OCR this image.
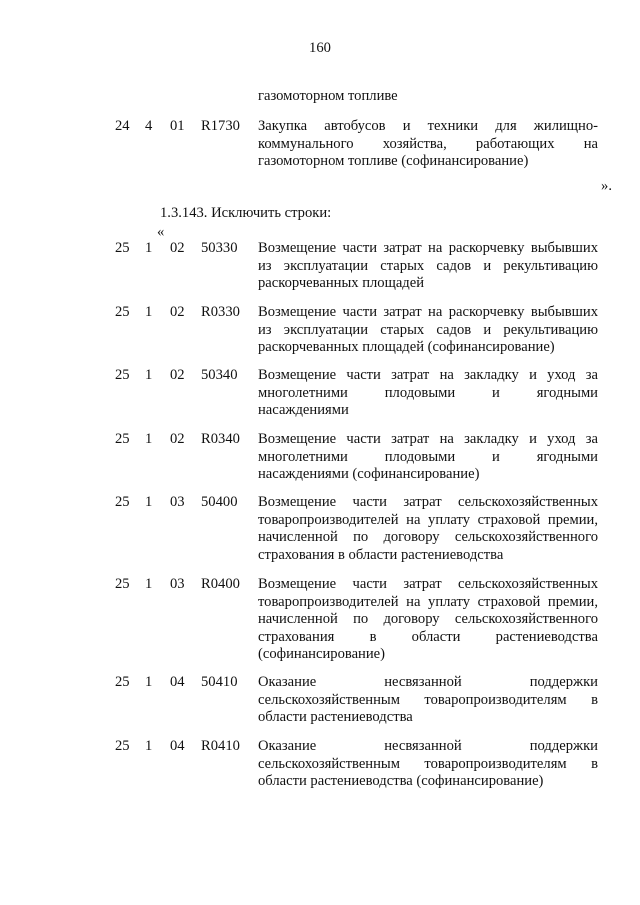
160
газомоторном топливе
24	4	01	R1730	Закупка автобусов и техники для жилищно-
коммунального хозяйства, работающих на
газомоторном топливе (софинансирование)
».
1.3.143. Исключить строки:
«
25	1	02	50330	Возмещение части затрат на раскорчевку выбывших
из эксплуатации старых садов и рекультивацию
раскорчеванных площадей
25	1	02	R0330	Возмещение части затрат на раскорчевку выбывших
из эксплуатации старых садов и рекультивацию
раскорчеванных площадей (софинансирование)
25	1	02	50340	Возмещение части затрат на закладку и уход за
многолетними плодовыми и ягодными
насаждениями
25	1	02	R0340	Возмещение части затрат на закладку и уход за
многолетними плодовыми и ягодными
насаждениями (софинансирование)
25	1	03	50400	Возмещение части затрат сельскохозяйственных
товаропроизводителей на уплату страховой премии,
начисленной по договору сельскохозяйственного
страхования в области растениеводства
25	1	03	R0400	Возмещение части затрат сельскохозяйственных
товаропроизводителей на уплату страховой премии,
начисленной по договору сельскохозяйственного
страхования в области растениеводства
(софинансирование)
25	1	04	50410	Оказание несвязанной поддержки
сельскохозяйственным товаропроизводителям в
области растениеводства
25	1	04	R0410	Оказание несвязанной поддержки
сельскохозяйственным товаропроизводителям в
области растениеводства (софинансирование)
